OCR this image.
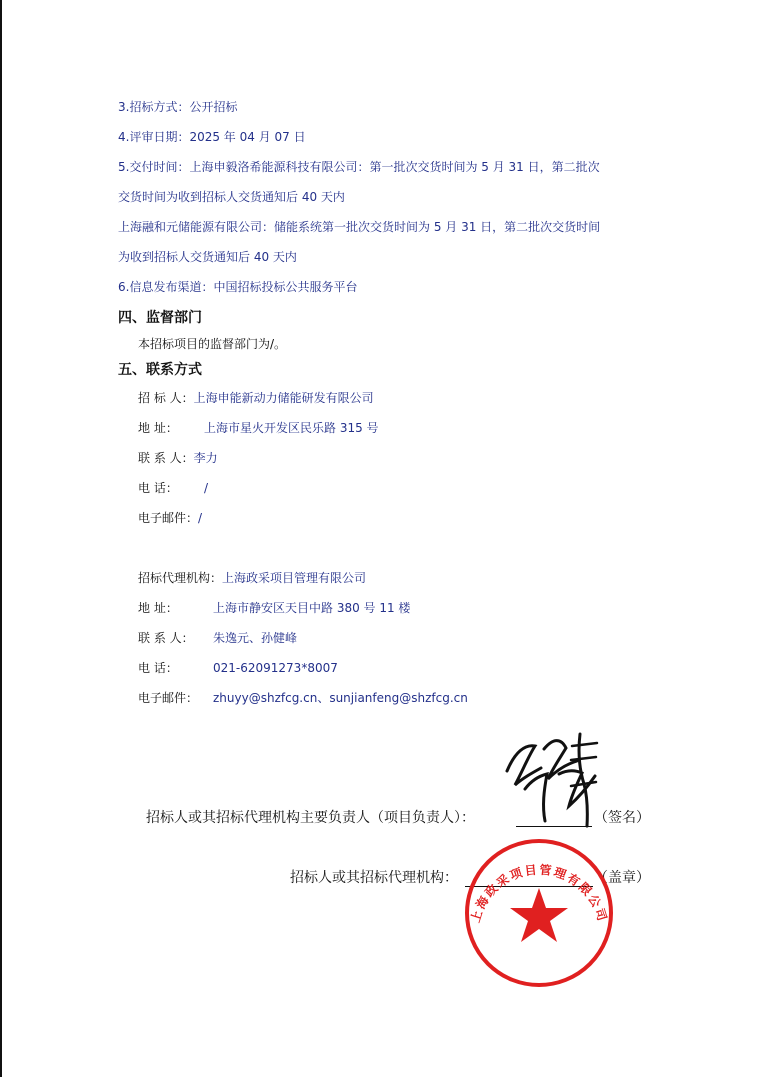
3.招标方式：公开招标
4.评审日期：2025 年 04 月 07 日
5.交付时间：上海申毅洛希能源科技有限公司：第一批次交货时间为 5 月 31 日，第二批次
交货时间为收到招标人交货通知后 40 天内
上海融和元储能源有限公司：储能系统第一批次交货时间为 5 月 31 日，第二批次交货时间
为收到招标人交货通知后 40 天内
6.信息发布渠道：中国招标投标公共服务平台
四、监督部门
本招标项目的监督部门为/。
五、联系方式
招 标 人：上海申能新动力储能研发有限公司
地 址： 上海市星火开发区民乐路 315 号
联 系 人：李力
电 话： /
电子邮件：/
招标代理机构：上海政采项目管理有限公司
地 址：	上海市静安区天目中路 380 号 11 楼
联 系 人： 朱逸元、孙健峰
电 话：	021-62091273*8007
电子邮件： zhuyy@shzfcg.cn、sunjianfeng@shzfcg.cn
招标人或其招标代理机构主要负责人（项目负责人）：	（签名）
招标人或其招标代理机构：	（盖章）
上海政采项目管理有限公司
